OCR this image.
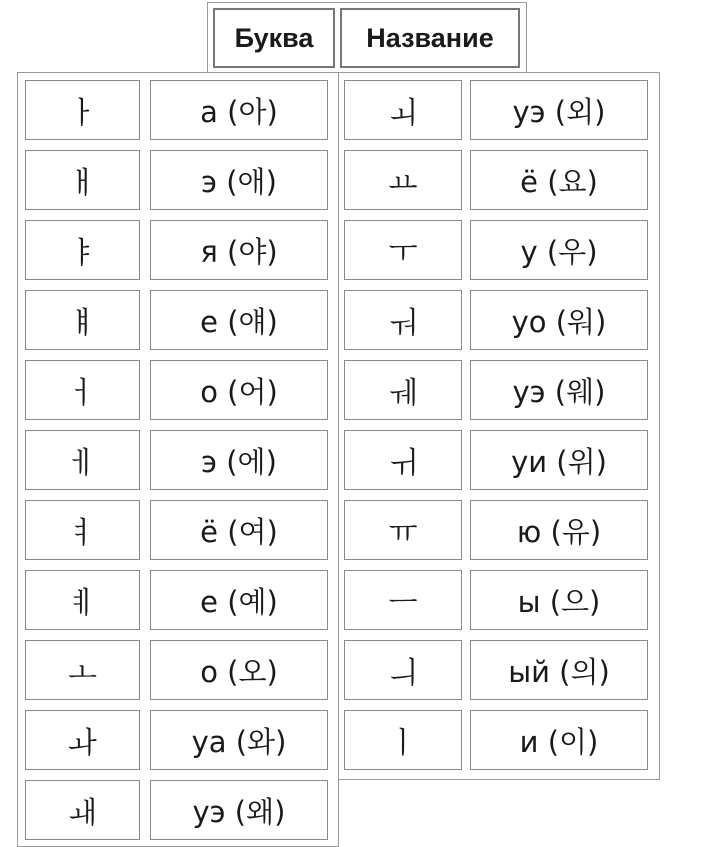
Буква	Название
ㅏ	а (아)
ㅐ	э (애)
ㅑ	я (야)
ㅒ	е (얘)
ㅓ	о (어)
ㅔ	э (에)
ㅕ	ё (여)
ㅖ	е (예)
ㅗ	о (오)
ㅘ	уа (와)
ㅙ	уэ (왜)
ㅚ	уэ (외)
ㅛ	ё (요)
ㅜ	у (우)
ㅝ	уо (워)
ㅞ	уэ (웨)
ㅟ	уи (위)
ㅠ	ю (유)
ㅡ	ы (으)
ㅢ	ый (의)
ㅣ	и (이)
